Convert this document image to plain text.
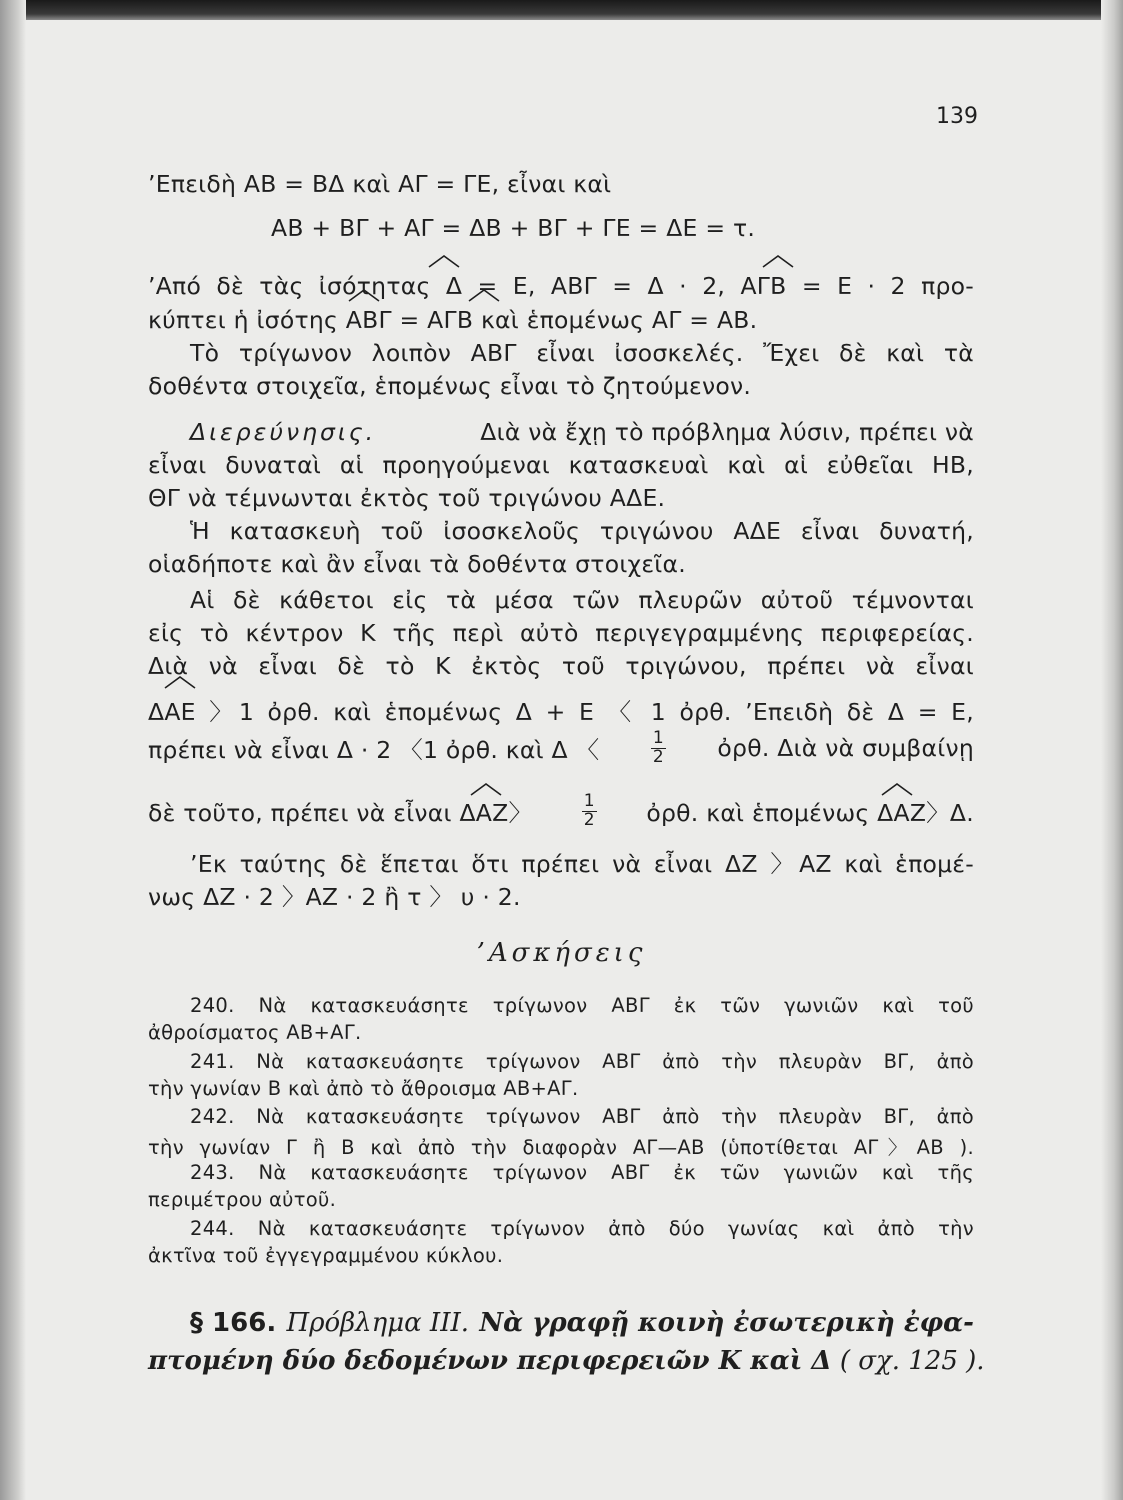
139
’Επειδὴ ΑΒ = ΒΔ καὶ ΑΓ = ΓΕ, εἶναι καὶ
ΑΒ + ΒΓ + ΑΓ = ΔΒ + ΒΓ + ΓΕ = ΔΕ = τ.
’Από δὲ τὰς ἰσότητας Δ = Ε, ΑΒΓ = Δ · 2, ΑΓΒ = Ε · 2 προ-
κύπτει ἡ ἰσότης ΑΒΓ = ΑΓΒ καὶ ἑπομένως ΑΓ = ΑΒ.
Τὸ τρίγωνον λοιπὸν ΑΒΓ εἶναι ἰσοσκελές. Ἔχει δὲ καὶ τὰ
δοθέντα στοιχεῖα, ἑπομένως εἶναι τὸ ζητούμενον.
Διερεύνησις.	Διὰ νὰ ἔχῃ τὸ πρόβλημα λύσιν, πρέπει νὰ
εἶναι δυναταὶ αἱ προηγούμεναι κατασκευαὶ καὶ αἱ εὐθεῖαι ΗΒ,
ΘΓ νὰ τέμνωνται ἐκτὸς τοῦ τριγώνου ΑΔΕ.
Ἡ κατασκευὴ τοῦ ἰσοσκελοῦς τριγώνου ΑΔΕ εἶναι δυνατή,
οἱαδήποτε καὶ ἂν εἶναι τὰ δοθέντα στοιχεῖα.
Αἱ δὲ κάθετοι εἰς τὰ μέσα τῶν πλευρῶν αὐτοῦ τέμνονται
εἰς τὸ κέντρον Κ τῆς περὶ αὐτὸ περιγεγραμμένης περιφερείας.
Διὰ νὰ εἶναι δὲ τὸ Κ ἐκτὸς τοῦ τριγώνου, πρέπει νὰ εἶναι
ΔΑΕ 〉1 ὀρθ. καὶ ἑπομένως Δ + Ε 〈 1 ὀρθ. ’Επειδὴ δὲ Δ = Ε,
πρέπει νὰ εἶναι Δ · 2 〈1 ὀρθ. καὶ Δ 〈	$\frac{1}{2}$ ὀρθ. Διὰ νὰ συμβαίνῃ
δὲ τοῦτο, πρέπει νὰ εἶναι ΔΑΖ〉	$\frac{1}{2}$ ὀρθ. καὶ ἑπομένως ΔΑΖ〉Δ.
’Εκ ταύτης δὲ ἕπεται ὅτι πρέπει νὰ εἶναι ΔΖ 〉ΑΖ καὶ ἑπομέ-
νως ΔΖ · 2 〉ΑΖ · 2 ἢ τ 〉 υ · 2.
’Ασκήσεις
240. Νὰ κατασκευάσητε τρίγωνον ΑΒΓ ἐκ τῶν γωνιῶν καὶ τοῦ
ἀθροίσματος ΑΒ+ΑΓ.
241. Νὰ κατασκευάσητε τρίγωνον ΑΒΓ ἀπὸ τὴν πλευρὰν ΒΓ, ἀπὸ
τὴν γωνίαν Β καὶ ἀπὸ τὸ ἄθροισμα ΑΒ+ΑΓ.
242. Νὰ κατασκευάσητε τρίγωνον ΑΒΓ ἀπὸ τὴν πλευρὰν ΒΓ, ἀπὸ
τὴν γωνίαν Γ ἢ Β καὶ ἀπὸ τὴν διαφορὰν ΑΓ—ΑΒ (ὑποτίθεται ΑΓ〉ΑΒ ).
243. Νὰ κατασκευάσητε τρίγωνον ΑΒΓ ἐκ τῶν γωνιῶν καὶ τῆς
περιμέτρου αὐτοῦ.
244. Νὰ κατασκευάσητε τρίγωνον ἀπὸ δύο γωνίας καὶ ἀπὸ τὴν
ἀκτῖνα τοῦ ἐγγεγραμμένου κύκλου.
§ 166. Πρόβλημα ΙΙΙ. Νὰ γραφῇ κοινὴ ἐσωτερικὴ ἐφα-
πτομένη δύο δεδομένων περιφερειῶν Κ καὶ Δ ( σχ. 125 ).
